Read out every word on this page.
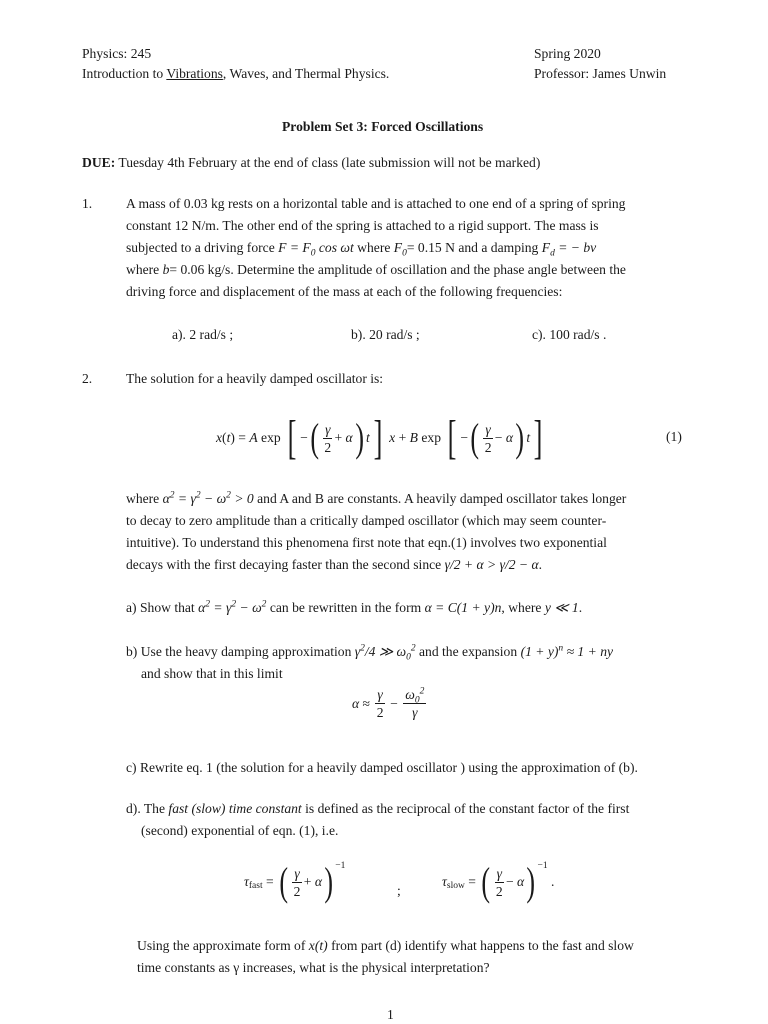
Physics: 245
Introduction to Vibrations, Waves, and Thermal Physics.
Spring 2020
Professor: James Unwin
Problem Set 3: Forced Oscillations
DUE: Tuesday 4th February at the end of class (late submission will not be marked)
1. A mass of 0.03 kg rests on a horizontal table and is attached to one end of a spring of spring
constant 12 N/m. The other end of the spring is attached to a rigid support. The mass is
subjected to a driving force $F = F_0$ cos ωt where $F_0= 0.15$ N and a damping $F_d$ = − bv
where b= 0.06 kg/s. Determine the amplitude of oscillation and the phase angle between the
driving force and displacement of the mass at each of the following frequencies:
a). 2 rad/s ;	b). 20 rad/s ;	c). 100 rad/s .
2. The solution for a heavily damped oscillator is:
x ( t ) = A exp [ − ( $\frac{\gamma}{2} + \alpha$ ) t ]
x + B exp [ − ( $\frac{\gamma}{2} - \alpha$ ) t ]	(1)
where $\alpha^2 = \gamma^2 - \omega^2 > 0$ and A and B are constants. A heavily damped oscillator takes longer
to decay to zero amplitude than a critically damped oscillator (which may seem counter-
intuitive). To understand this phenomena first note that eqn.(1) involves two exponential
decays with the first decaying faster than the second since γ/2 + α > γ/2 − α.
a) Show that $\alpha^2 = \gamma^2 - \omega^2$ can be rewritten in the form α = C(1 + y)n, where y ≪ 1.
b) Use the heavy damping approximation $\gamma^2/4$ ≫ $\omega_0^2$ and the expansion $(1 + y)^n \approx 1$ + ny
and show that in this limit
$\alpha \approx \frac{\gamma}{2} - \frac{\omega_0^2}{\gamma}$
c) Rewrite eq. 1 (the solution for a heavily damped oscillator ) using the approximation of (b).
d). The fast (slow) time constant is defined as the reciprocal of the constant factor of the first
(second) exponential of eqn. (1), i.e.
$\tau_{fast}$ = ( $\frac{\gamma}{2} + \alpha$ )$^{-1}$
;
$\tau_{slow}$ = ( $\frac{\gamma}{2} - \alpha$ )$^{-1}$
.
Using the approximate form of x(t) from part (d) identify what happens to the fast and slow
time constants as γ increases, what is the physical interpretation?
1
